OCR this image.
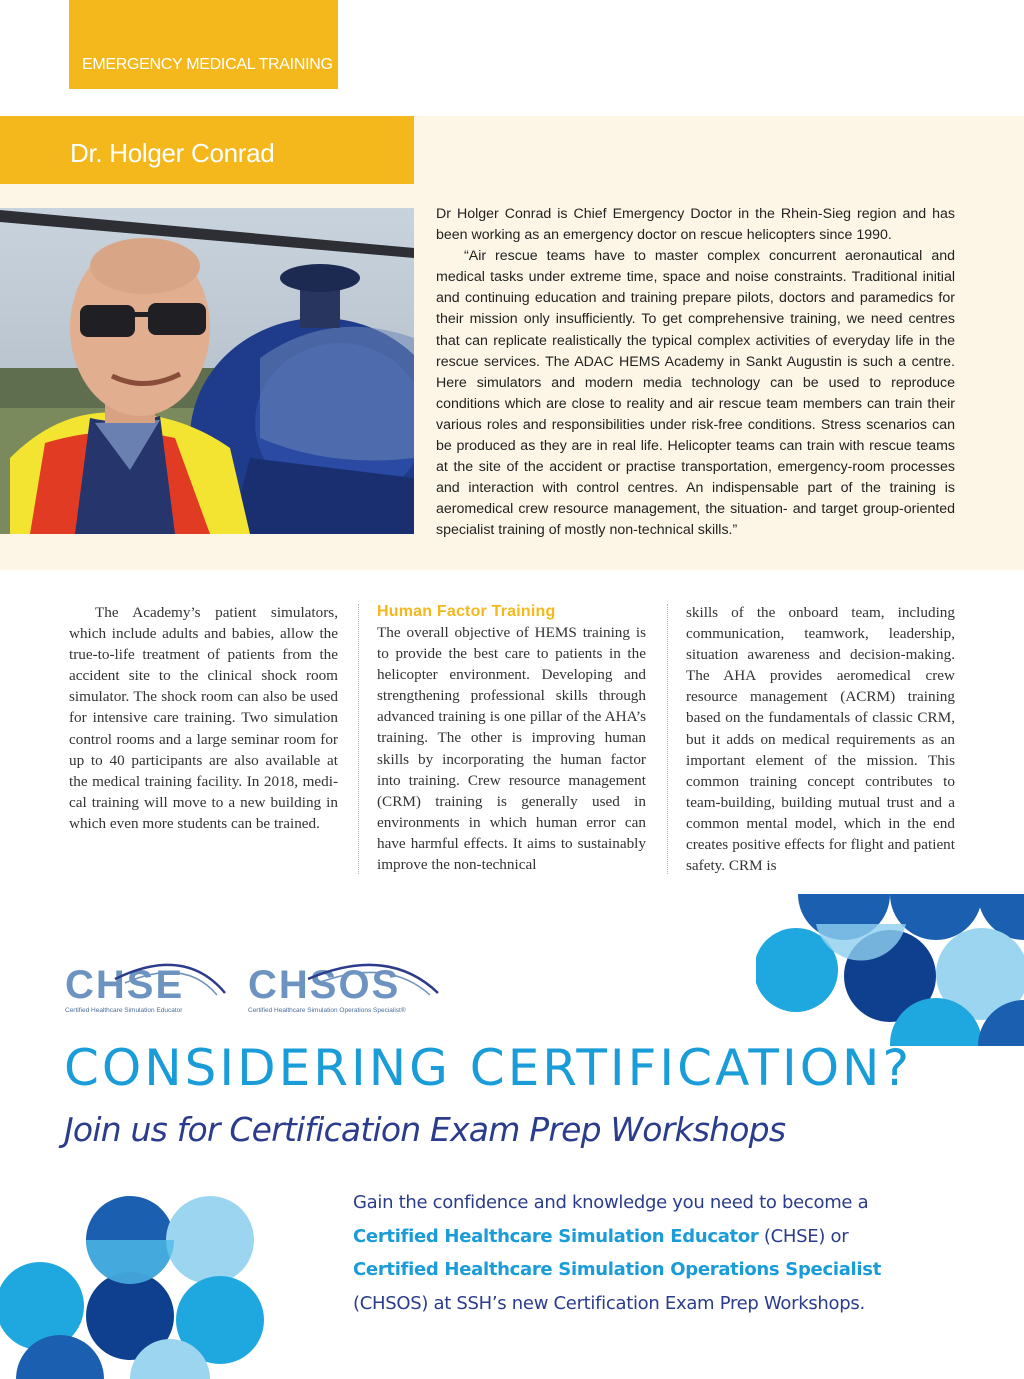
EMERGENCY MEDICAL TRAINING
Dr. Holger Conrad

Dr Holger Conrad is Chief Emergency Doctor in the Rhein-Sieg region and has been working as an emergency doctor on rescue helicopters since 1990.

“Air rescue teams have to master complex concurrent aeronautical and medical tasks under extreme time, space and noise constraints. Traditional initial and continuing education and training prepare pilots, doctors and paramedics for their mission only insufficiently. To get comprehensive training, we need centres that can replicate realistically the typical complex activities of everyday life in the rescue services. The ADAC HEMS Academy in Sankt Augustin is such a centre. Here simulators and modern media technology can be used to reproduce conditions which are close to reality and air rescue team members can train their various roles and responsibilities under risk-free conditions. Stress scenarios can be produced as they are in real life. Helicopter teams can train with rescue teams at the site of the accident or practise transportation, emergency-room processes and interaction with control centres. An indispensable part of the training is aeromedical crew resource management, the situation- and target group-oriented specialist training of mostly non-technical skills.”

The Academy’s patient simulators, which include adults and babies, allow the true-to-life treatment of patients from the accident site to the clinical shock room simulator. The shock room can also be used for intensive care training. Two simulation control rooms and a large seminar room for up to 40 participants are also available at the medical training facility. In 2018, medical training will move to a new building in which even more students can be trained.

Human Factor Training

The overall objective of HEMS training is to provide the best care to patients in the helicopter environment. Developing and strengthening professional skills through advanced training is one pillar of the AHA’s training. The other is improving human skills by incorporating the human factor into training. Crew resource management (CRM) training is generally used in environments in which human error can have harmful effects. It aims to sustainably improve the non-technical

skills of the onboard team, including communication, teamwork, leadership, situation awareness and decision-making. The AHA provides aeromedical crew resource management (ACRM) training based on the fundamentals of classic CRM, but it adds on medical requirements as an important element of the mission. This common training concept contributes to team-building, building mutual trust and a common mental model, which in the end creates positive effects for flight and patient safety. CRM is

CHSE
Certified Healthcare Simulation Educator
CHSOS
Certified Healthcare Simulation Operations Specialist®
CONSIDERING CERTIFICATION?
Join us for Certification Exam Prep Workshops
Gain the confidence and knowledge you need to become a Certified Healthcare Simulation Educator (CHSE) or Certified Healthcare Simulation Operations Specialist (CHSOS) at SSH’s new Certification Exam Prep Workshops.
